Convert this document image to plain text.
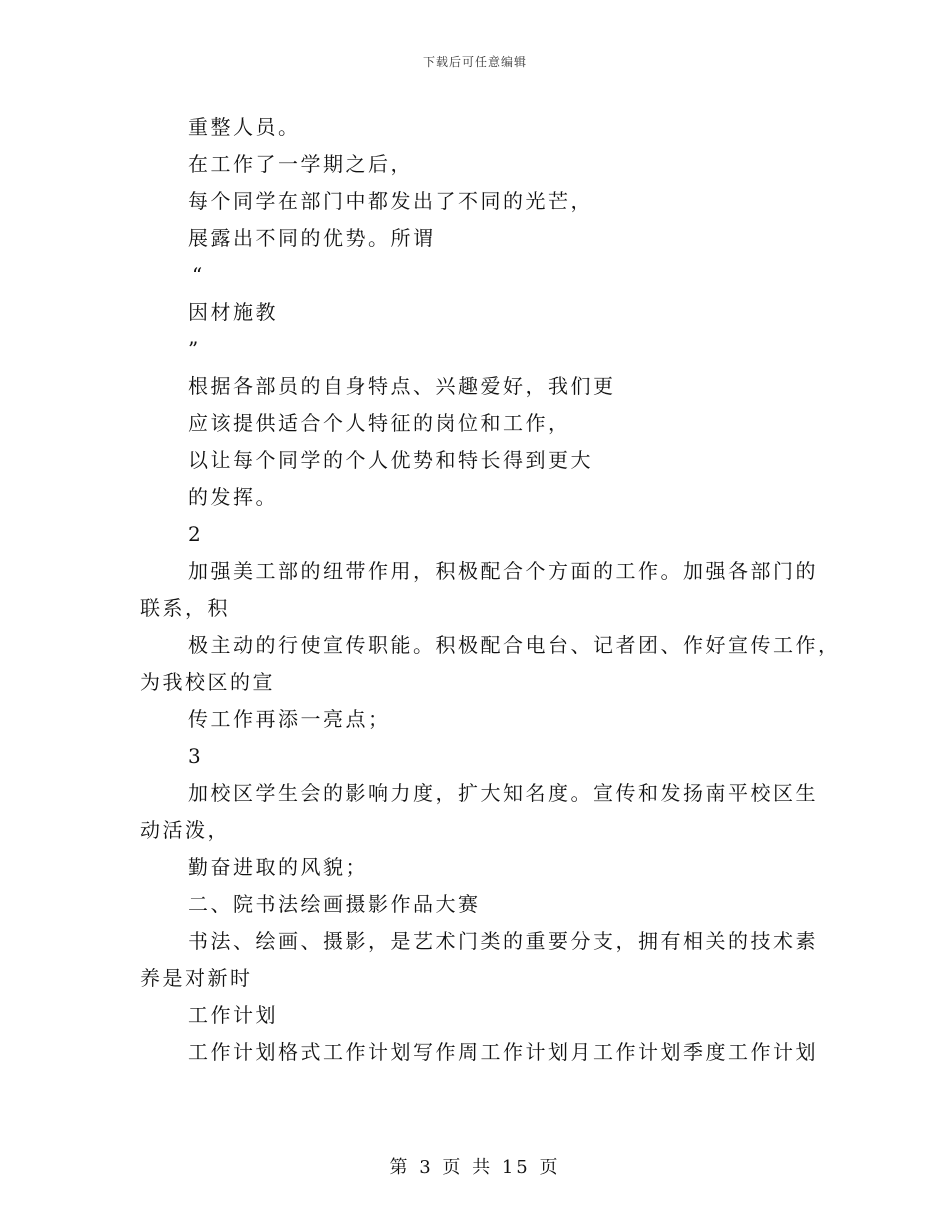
下载后可任意编辑
重整人员。
在工作了一学期之后，
每个同学在部门中都发出了不同的光芒，
展露出不同的优势。所谓
“
因材施教
”
根据各部员的自身特点、兴趣爱好，我们更
应该提供适合个人特征的岗位和工作，
以让每个同学的个人优势和特长得到更大
的发挥。
2
加强美工部的纽带作用，积极配合个方面的工作。加强各部门的
联系，积
极主动的行使宣传职能。积极配合电台、记者团、作好宣传工作，
为我校区的宣
传工作再添一亮点；
3
加校区学生会的影响力度，扩大知名度。宣传和发扬南平校区生
动活泼，
勤奋进取的风貌；
二、院书法绘画摄影作品大赛
书法、绘画、摄影，是艺术门类的重要分支，拥有相关的技术素
养是对新时
工作计划
工作计划格式工作计划写作周工作计划月工作计划季度工作计划
第 3 页 共 15 页
